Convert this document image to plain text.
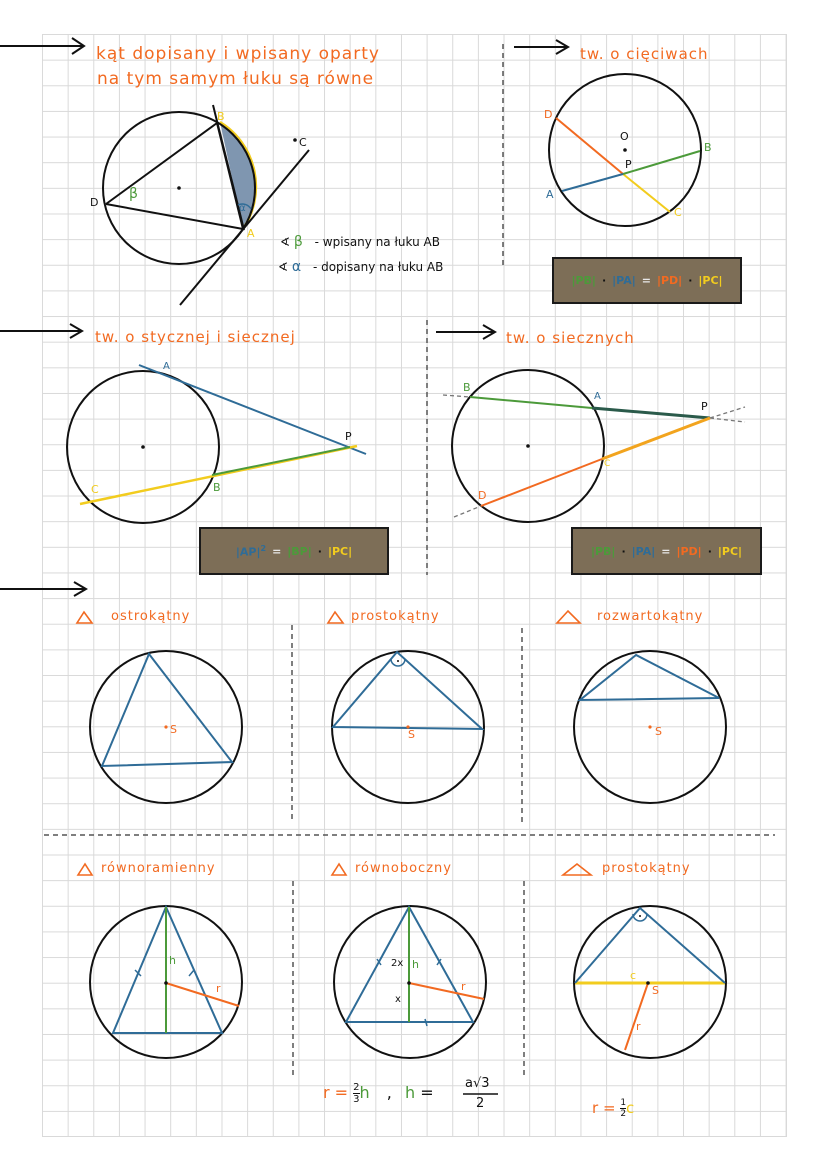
kąt dopisany i wpisany oparty
na tym samym łuku są równe
B
C
A
D
β
α
∢ β - wpisany na łuku AB
∢ α - dopisany na łuku AB
tw. o cięciwach
O
P
B
A
C
D
|PB| · |PA| = |PD| · |PC|
tw. o stycznej i siecznej
A
P
C	B
$|AP|^2 = |BP| \cdot |PC|$
tw. o siecznych
B
A
P
C
D
|PB| · |PA| = |PD| · |PC|
ostrokątny
S
prostokątny
S
rozwartokątny
S
równoramienny
h
r
równoboczny
h
2x
x
r
$r = \frac{2}{3}$ h , h = a√3
2
prostokątny
c
S
r
$r = \frac{1}{2}$ c
